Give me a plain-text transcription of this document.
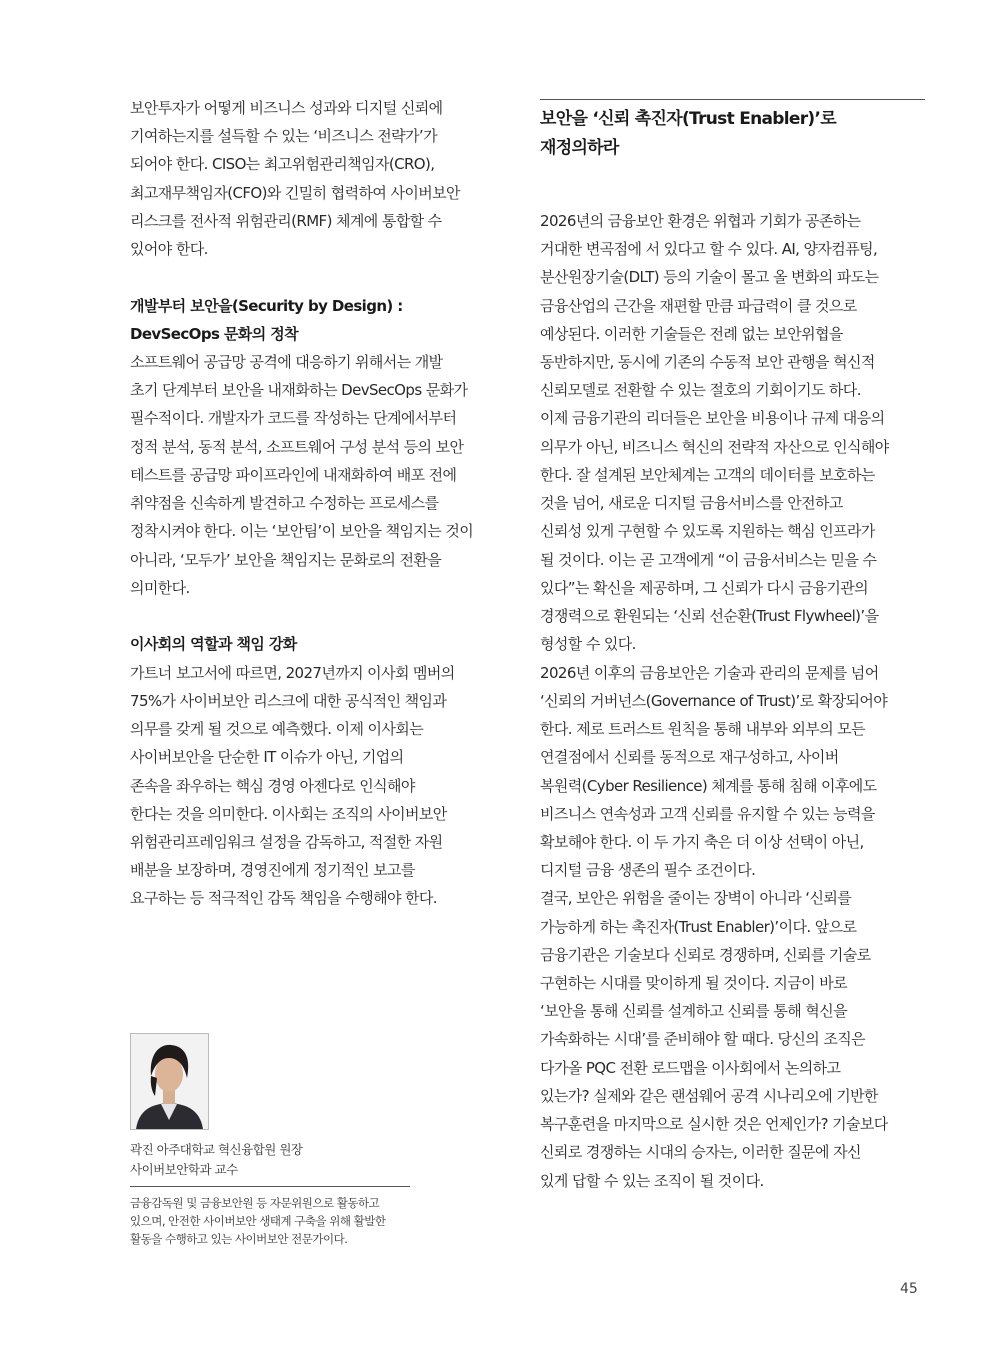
보안투자가 어떻게 비즈니스 성과와 디지털 신뢰에
기여하는지를 설득할 수 있는 ‘비즈니스 전략가’가
되어야 한다. CISO는 최고위험관리책임자(CRO),
최고재무책임자(CFO)와 긴밀히 협력하여 사이버보안
리스크를 전사적 위험관리(RMF) 체계에 통합할 수
있어야 한다.
개발부터 보안을(Security by Design) :
DevSecOps 문화의 정착
소프트웨어 공급망 공격에 대응하기 위해서는 개발
초기 단계부터 보안을 내재화하는 DevSecOps 문화가
필수적이다. 개발자가 코드를 작성하는 단계에서부터
정적 분석, 동적 분석, 소프트웨어 구성 분석 등의 보안
테스트를 공급망 파이프라인에 내재화하여 배포 전에
취약점을 신속하게 발견하고 수정하는 프로세스를
정착시켜야 한다. 이는 ‘보안팀’이 보안을 책임지는 것이
아니라, ‘모두가’ 보안을 책임지는 문화로의 전환을
의미한다.
이사회의 역할과 책임 강화
가트너 보고서에 따르면, 2027년까지 이사회 멤버의
75%가 사이버보안 리스크에 대한 공식적인 책임과
의무를 갖게 될 것으로 예측했다. 이제 이사회는
사이버보안을 단순한 IT 이슈가 아닌, 기업의
존속을 좌우하는 핵심 경영 아젠다로 인식해야
한다는 것을 의미한다. 이사회는 조직의 사이버보안
위험관리프레임워크 설정을 감독하고, 적절한 자원
배분을 보장하며, 경영진에게 정기적인 보고를
요구하는 등 적극적인 감독 책임을 수행해야 한다.
곽진 아주대학교 혁신융합원 원장
사이버보안학과 교수
금융감독원 및 금융보안원 등 자문위원으로 활동하고
있으며, 안전한 사이버보안 생태계 구축을 위해 활발한
활동을 수행하고 있는 사이버보안 전문가이다.
보안을 ‘신뢰 촉진자(Trust Enabler)’로
재정의하라
2026년의 금융보안 환경은 위협과 기회가 공존하는
거대한 변곡점에 서 있다고 할 수 있다. AI, 양자컴퓨팅,
분산원장기술(DLT) 등의 기술이 몰고 올 변화의 파도는
금융산업의 근간을 재편할 만큼 파급력이 클 것으로
예상된다. 이러한 기술들은 전례 없는 보안위협을
동반하지만, 동시에 기존의 수동적 보안 관행을 혁신적
신뢰모델로 전환할 수 있는 절호의 기회이기도 하다.
이제 금융기관의 리더들은 보안을 비용이나 규제 대응의
의무가 아닌, 비즈니스 혁신의 전략적 자산으로 인식해야
한다. 잘 설계된 보안체계는 고객의 데이터를 보호하는
것을 넘어, 새로운 디지털 금융서비스를 안전하고
신뢰성 있게 구현할 수 있도록 지원하는 핵심 인프라가
될 것이다. 이는 곧 고객에게 “이 금융서비스는 믿을 수
있다”는 확신을 제공하며, 그 신뢰가 다시 금융기관의
경쟁력으로 환원되는 ‘신뢰 선순환(Trust Flywheel)’을
형성할 수 있다.
2026년 이후의 금융보안은 기술과 관리의 문제를 넘어
‘신뢰의 거버넌스(Governance of Trust)’로 확장되어야
한다. 제로 트러스트 원칙을 통해 내부와 외부의 모든
연결점에서 신뢰를 동적으로 재구성하고, 사이버
복원력(Cyber Resilience) 체계를 통해 침해 이후에도
비즈니스 연속성과 고객 신뢰를 유지할 수 있는 능력을
확보해야 한다. 이 두 가지 축은 더 이상 선택이 아닌,
디지털 금융 생존의 필수 조건이다.
결국, 보안은 위험을 줄이는 장벽이 아니라 ‘신뢰를
가능하게 하는 촉진자(Trust Enabler)’이다. 앞으로
금융기관은 기술보다 신뢰로 경쟁하며, 신뢰를 기술로
구현하는 시대를 맞이하게 될 것이다. 지금이 바로
‘보안을 통해 신뢰를 설계하고 신뢰를 통해 혁신을
가속화하는 시대’를 준비해야 할 때다. 당신의 조직은
다가올 PQC 전환 로드맵을 이사회에서 논의하고
있는가? 실제와 같은 랜섬웨어 공격 시나리오에 기반한
복구훈련을 마지막으로 실시한 것은 언제인가? 기술보다
신뢰로 경쟁하는 시대의 승자는, 이러한 질문에 자신
있게 답할 수 있는 조직이 될 것이다.
45
